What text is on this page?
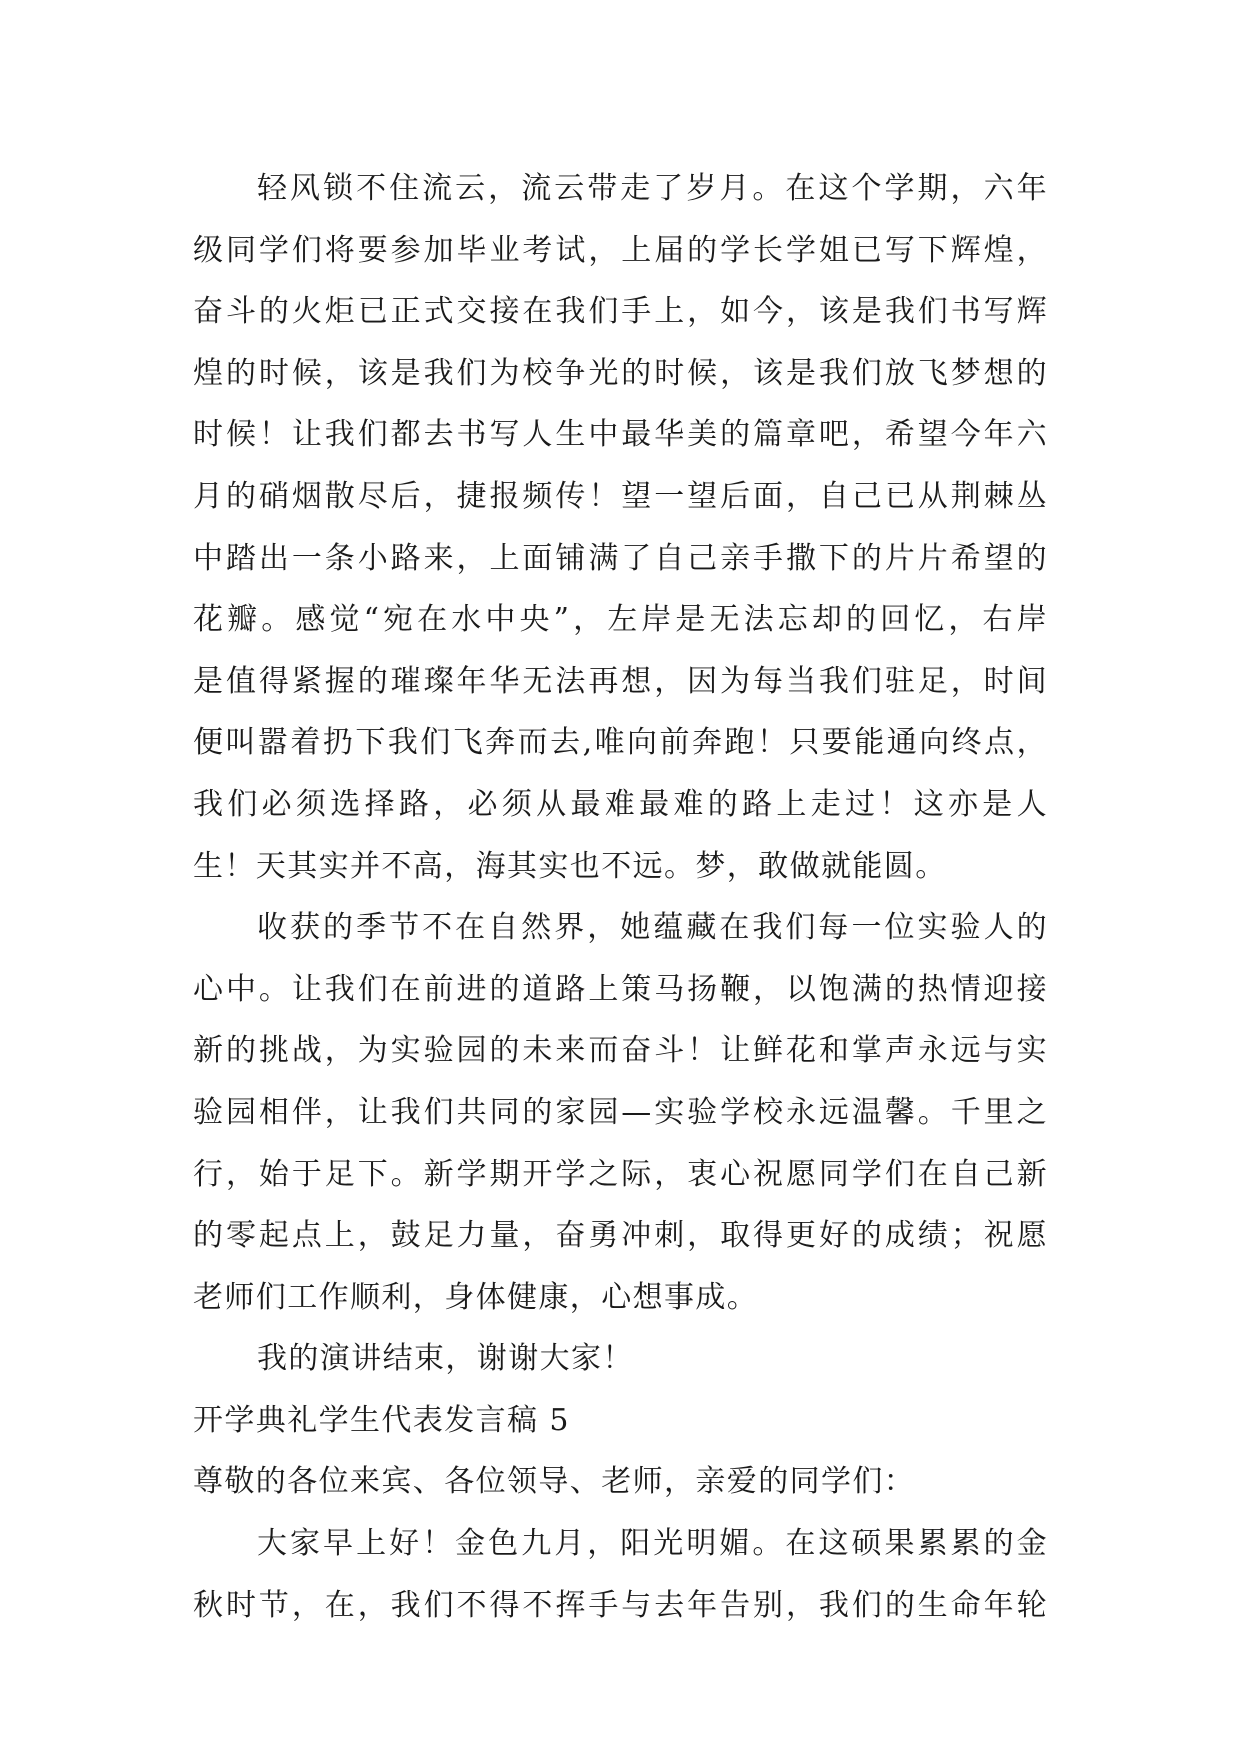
轻风锁不住流云，流云带走了岁月。在这个学期，六年
级同学们将要参加毕业考试，上届的学长学姐已写下辉煌，
奋斗的火炬已正式交接在我们手上，如今，该是我们书写辉
煌的时候，该是我们为校争光的时候，该是我们放飞梦想的
时候！让我们都去书写人生中最华美的篇章吧，希望今年六
月的硝烟散尽后，捷报频传！望一望后面，自己已从荆棘丛
中踏出一条小路来，上面铺满了自己亲手撒下的片片希望的
花瓣。感觉“宛在水中央”，左岸是无法忘却的回忆，右岸
是值得紧握的璀璨年华无法再想，因为每当我们驻足，时间
便叫嚣着扔下我们飞奔而去,唯向前奔跑！只要能通向终点，
我们必须选择路，必须从最难最难的路上走过！这亦是人
生！天其实并不高，海其实也不远。梦，敢做就能圆。
收获的季节不在自然界，她蕴藏在我们每一位实验人的
心中。让我们在前进的道路上策马扬鞭，以饱满的热情迎接
新的挑战，为实验园的未来而奋斗！让鲜花和掌声永远与实
验园相伴，让我们共同的家园—实验学校永远温馨。千里之
行，始于足下。新学期开学之际，衷心祝愿同学们在自己新
的零起点上，鼓足力量，奋勇冲刺，取得更好的成绩；祝愿
老师们工作顺利，身体健康，心想事成。
我的演讲结束，谢谢大家！
开学典礼学生代表发言稿 5
尊敬的各位来宾、各位领导、老师，亲爱的同学们：
大家早上好！金色九月，阳光明媚。在这硕果累累的金
秋时节，在，我们不得不挥手与去年告别，我们的生命年轮
